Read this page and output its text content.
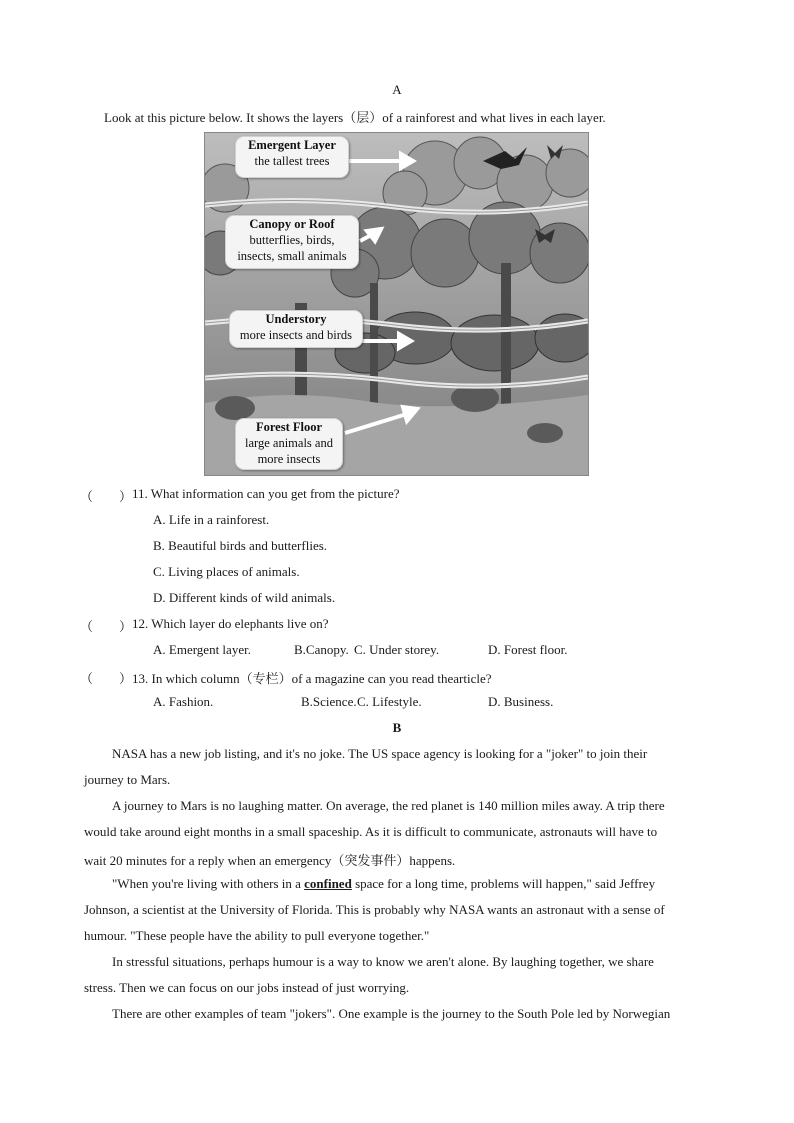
A
Look at this picture below. It shows the layers（层）of a rainforest and what lives in each layer.
Emergent Layer
the tallest trees
Canopy or Roof
butterflies, birds,
insects, small animals
Understory
more insects and birds
Forest Floor
large animals and
more insects
（　　） 11. What information can you get from the picture?
A. Life in a rainforest.
B. Beautiful birds and butterflies.
C. Living places of animals.
D. Different kinds of wild animals.
（　　） 12. Which layer do elephants live on?
A. Emergent layer.	B.Canopy. C. Under storey.	D. Forest floor.
（　　） 13. In which column（专栏）of a magazine can you read thearticle?
A. Fashion.	B.Science. C. Lifestyle.	D. Business.
B
NASA has a new job listing, and it's no joke. The US space agency is looking for a "joker" to join their
journey to Mars.
A journey to Mars is no laughing matter. On average, the red planet is 140 million miles away. A trip there
would take around eight months in a small spaceship. As it is difficult to communicate, astronauts will have to
wait 20 minutes for a reply when an emergency（突发事件）happens.
"When you're living with others in a confined space for a long time, problems will happen," said Jeffrey
Johnson, a scientist at the University of Florida. This is probably why NASA wants an astronaut with a sense of
humour. "These people have the ability to pull everyone together."
In stressful situations, perhaps humour is a way to know we aren't alone. By laughing together, we share
stress. Then we can focus on our jobs instead of just worrying.
There are other examples of team "jokers". One example is the journey to the South Pole led by Norwegian
